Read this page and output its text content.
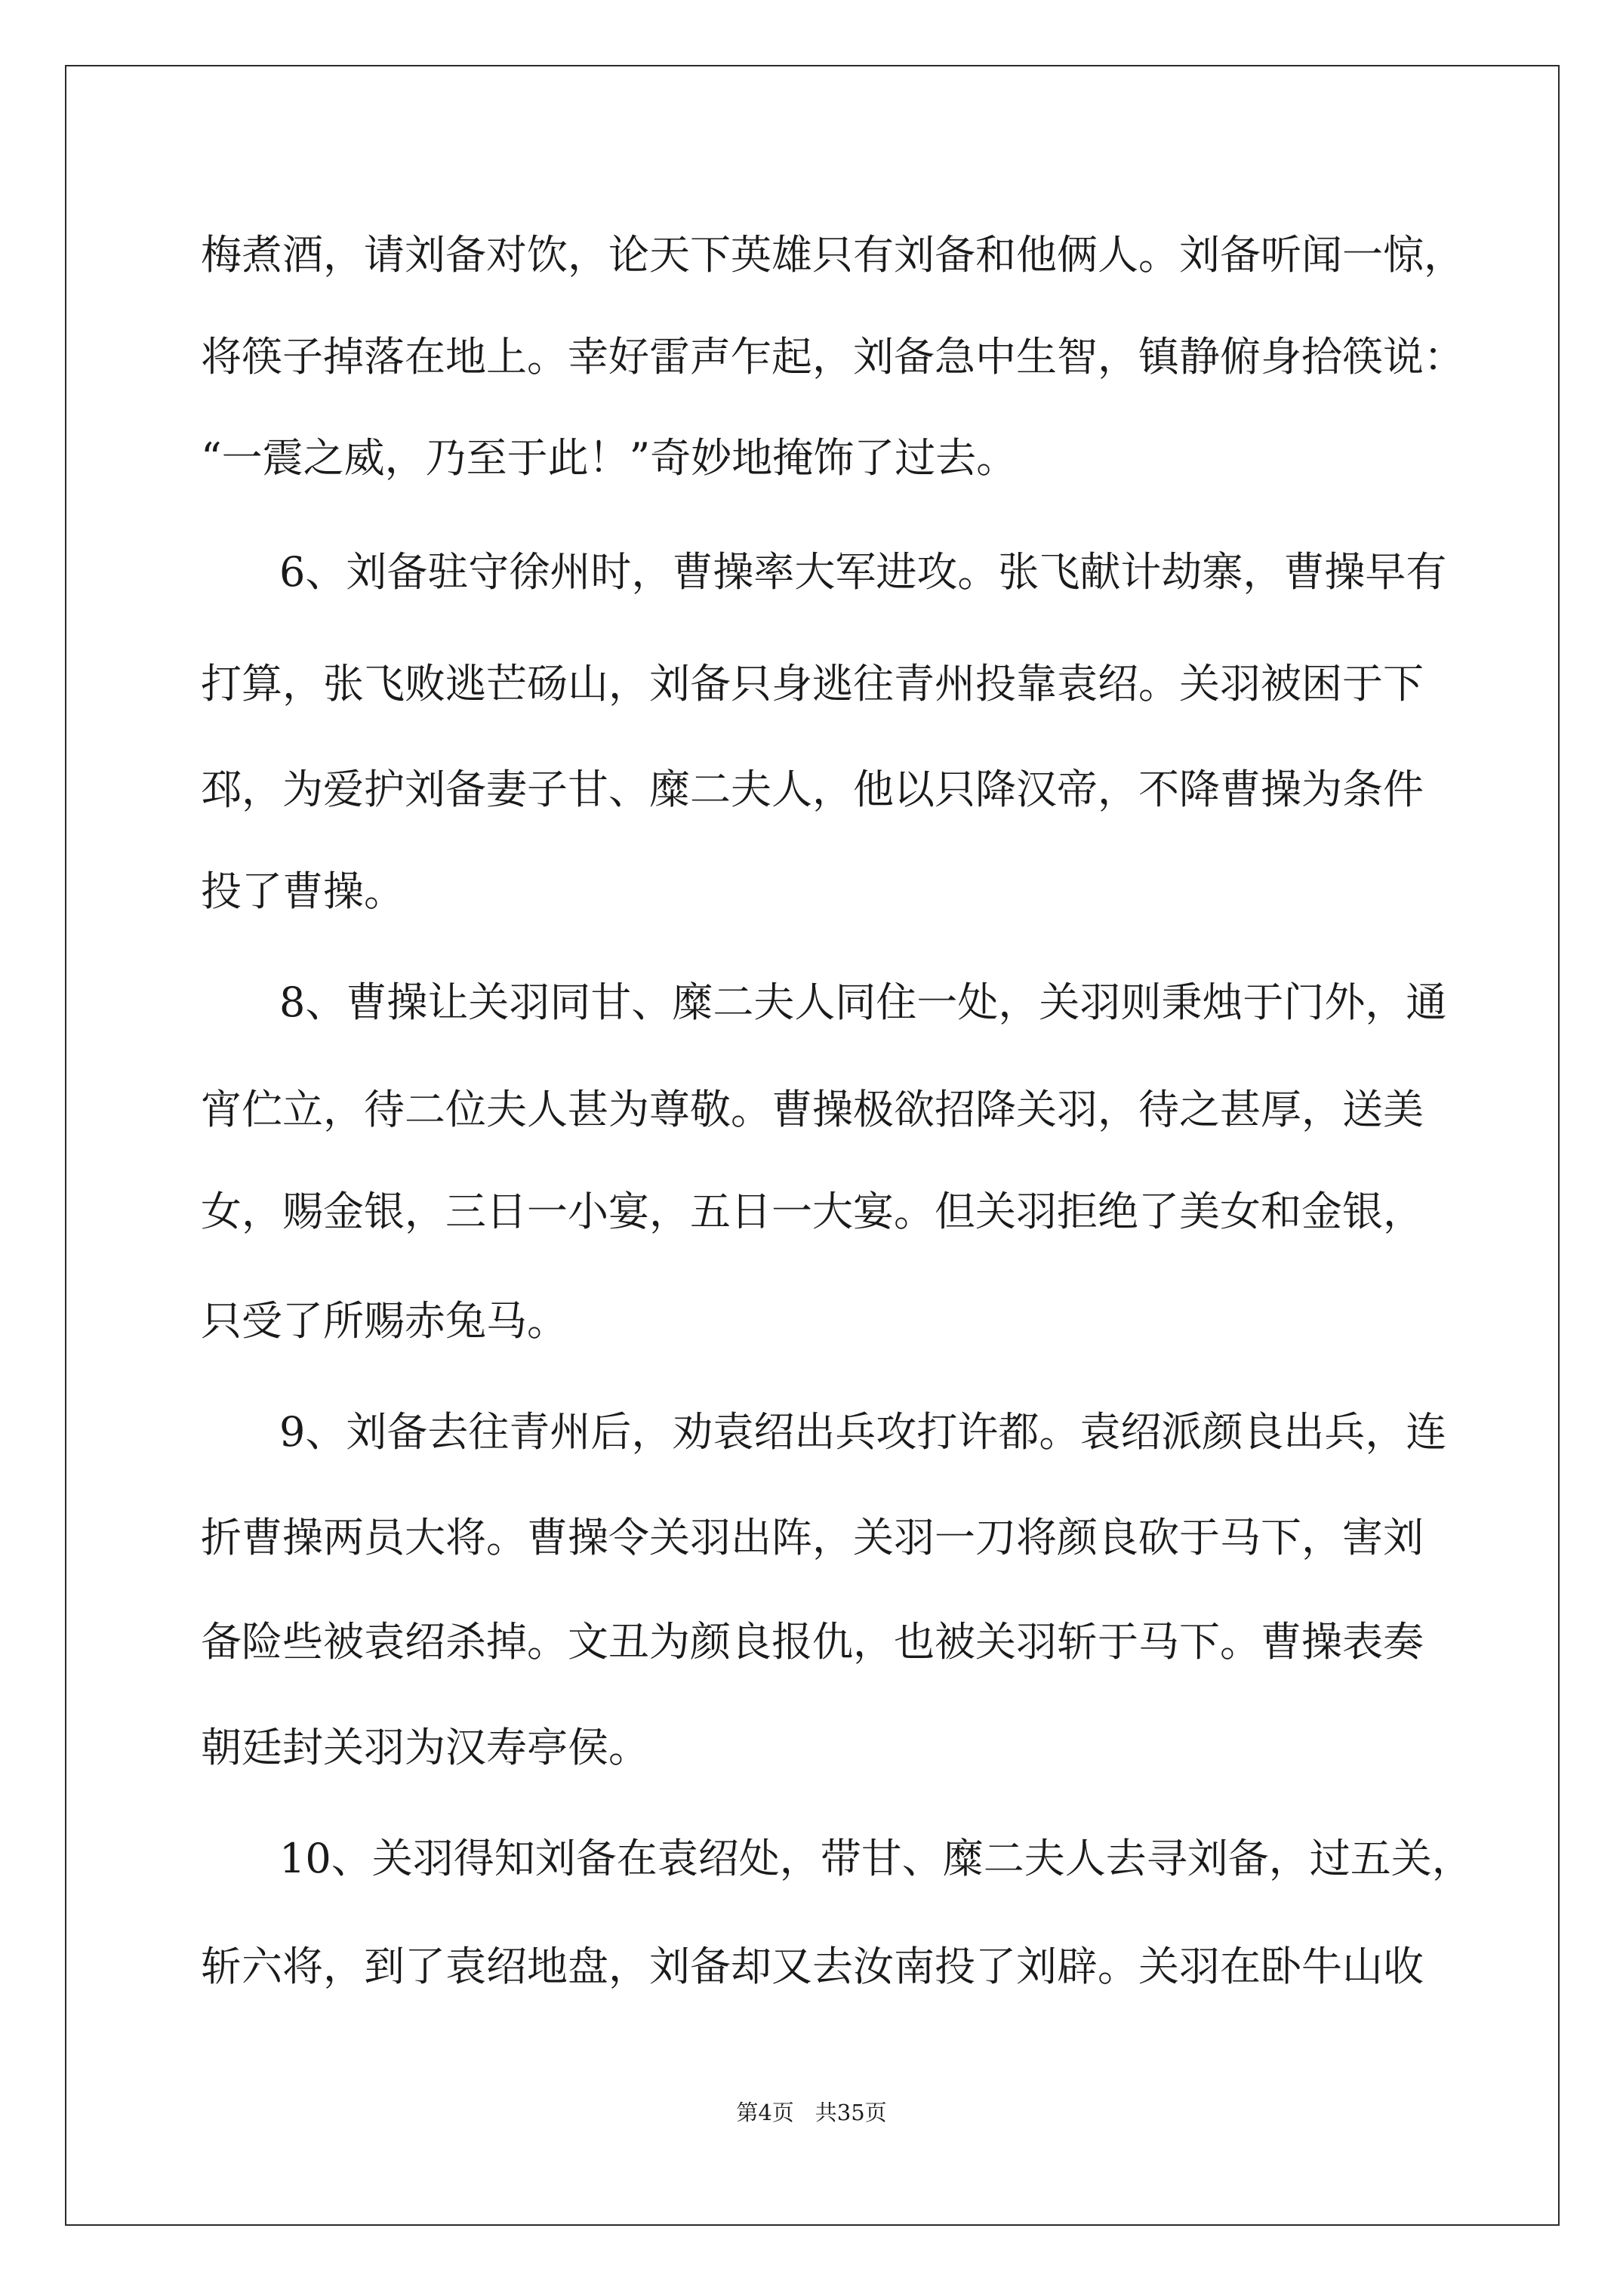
梅煮酒，请刘备对饮，论天下英雄只有刘备和他俩人。刘备听闻一惊，

将筷子掉落在地上。幸好雷声乍起，刘备急中生智，镇静俯身拾筷说：

“一震之威，乃至于此！”奇妙地掩饰了过去。

6、刘备驻守徐州时，曹操率大军进攻。张飞献计劫寨，曹操早有

打算，张飞败逃芒砀山，刘备只身逃往青州投靠袁绍。关羽被困于下

邳，为爱护刘备妻子甘、糜二夫人，他以只降汉帝，不降曹操为条件

投了曹操。

8、曹操让关羽同甘、糜二夫人同住一处，关羽则秉烛于门外，通

宵伫立，待二位夫人甚为尊敬。曹操极欲招降关羽，待之甚厚，送美

女，赐金银，三日一小宴，五日一大宴。但关羽拒绝了美女和金银，

只受了所赐赤兔马。

9、刘备去往青州后，劝袁绍出兵攻打许都。袁绍派颜良出兵，连

折曹操两员大将。曹操令关羽出阵，关羽一刀将颜良砍于马下，害刘

备险些被袁绍杀掉。文丑为颜良报仇，也被关羽斩于马下。曹操表奏

朝廷封关羽为汉寿亭侯。

10、关羽得知刘备在袁绍处，带甘、糜二夫人去寻刘备，过五关，

斩六将，到了袁绍地盘，刘备却又去汝南投了刘辟。关羽在卧牛山收

第4页 共35页
